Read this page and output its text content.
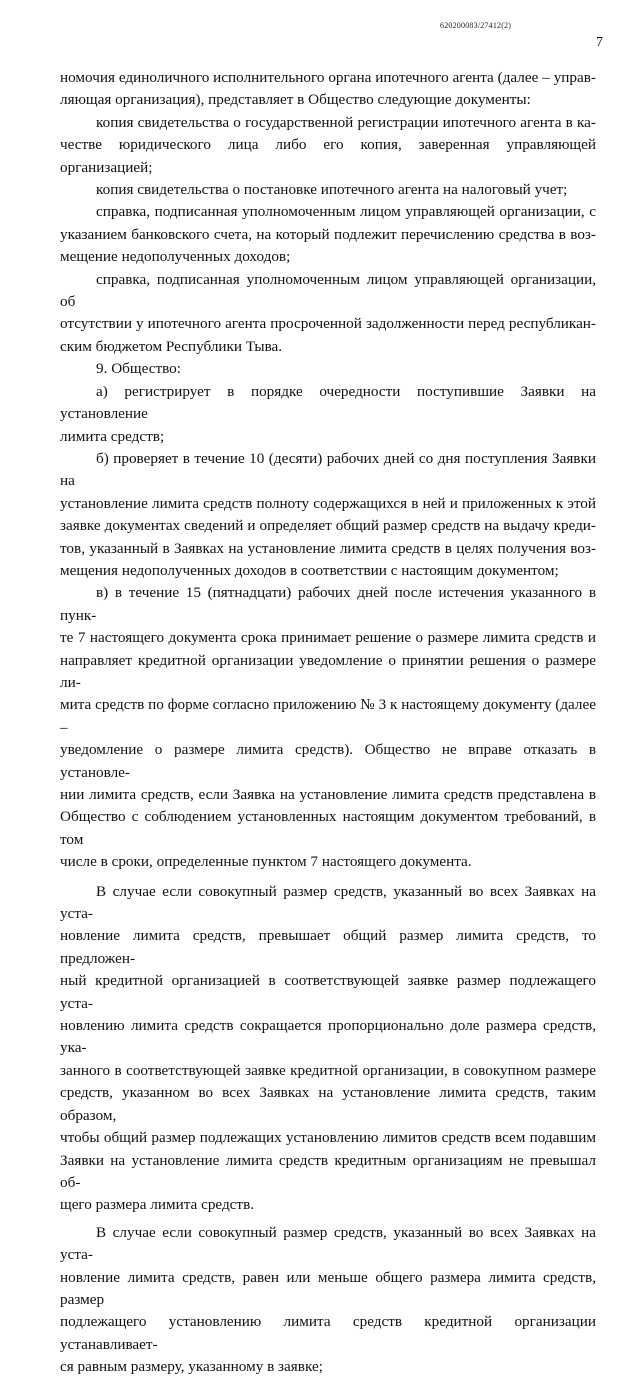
620200083/27412(2)
7

номочия единоличного исполнительного органа ипотечного агента (далее – управ-

ляющая организация), представляет в Общество следующие документы:

копия свидетельства о государственной регистрации ипотечного агента в ка-

честве юридического лица либо его копия, заверенная управляющей организацией;

копия свидетельства о постановке ипотечного агента на налоговый учет;

справка, подписанная уполномоченным лицом управляющей организации, с

указанием банковского счета, на который подлежит перечислению средства в воз-

мещение недополученных доходов;

справка, подписанная уполномоченным лицом управляющей организации, об

отсутствии у ипотечного агента просроченной задолженности перед республикан-

ским бюджетом Республики Тыва.

9. Общество:

а) регистрирует в порядке очередности поступившие Заявки на установление

лимита средств;

б) проверяет в течение 10 (десяти) рабочих дней со дня поступления Заявки на

установление лимита средств полноту содержащихся в ней и приложенных к этой

заявке документах сведений и определяет общий размер средств на выдачу креди-

тов, указанный в Заявках на установление лимита средств в целях получения воз-

мещения недополученных доходов в соответствии с настоящим документом;

в) в течение 15 (пятнадцати) рабочих дней после истечения указанного в пунк-

те 7 настоящего документа срока принимает решение о размере лимита средств и

направляет кредитной организации уведомление о принятии решения о размере ли-

мита средств по форме согласно приложению № 3 к настоящему документу (далее –

уведомление о размере лимита средств). Общество не вправе отказать в установле-

нии лимита средств, если Заявка на установление лимита средств представлена в

Общество с соблюдением установленных настоящим документом требований, в том

числе в сроки, определенные пунктом 7 настоящего документа.

В случае если совокупный размер средств, указанный во всех Заявках на уста-

новление лимита средств, превышает общий размер лимита средств, то предложен-

ный кредитной организацией в соответствующей заявке размер подлежащего уста-

новлению лимита средств сокращается пропорционально доле размера средств, ука-

занного в соответствующей заявке кредитной организации, в совокупном размере

средств, указанном во всех Заявках на установление лимита средств, таким образом,

чтобы общий размер подлежащих установлению лимитов средств всем подавшим

Заявки на установление лимита средств кредитным организациям не превышал об-

щего размера лимита средств.

В случае если совокупный размер средств, указанный во всех Заявках на уста-

новление лимита средств, равен или меньше общего размера лимита средств, размер

подлежащего установлению лимита средств кредитной организации устанавливает-

ся равным размеру, указанному в заявке;
